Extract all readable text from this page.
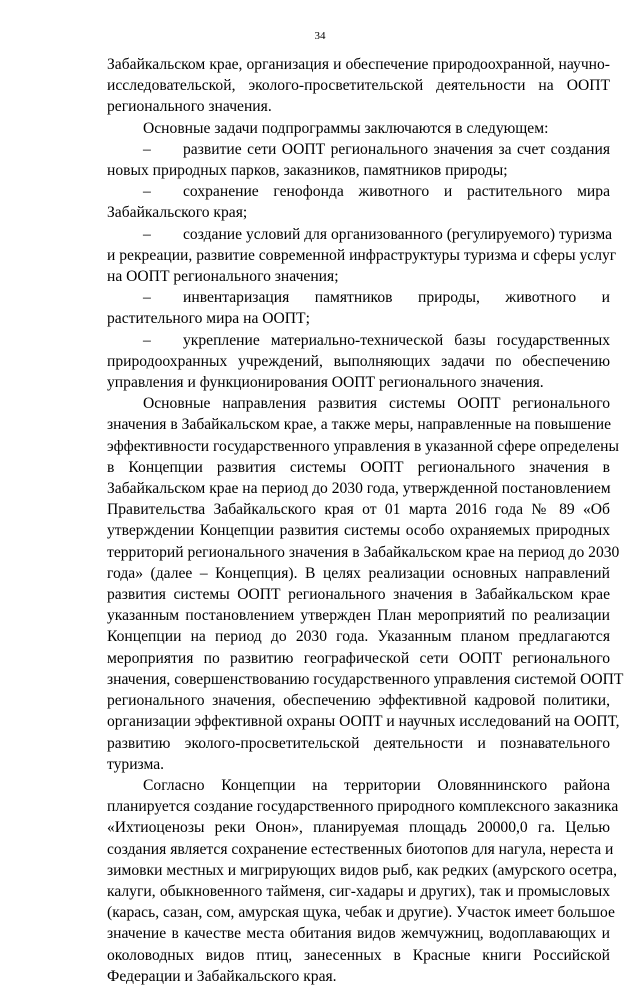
34
Забайкальском крае, организация и обеспечение природоохранной, научно-
исследовательской, эколого-просветительской деятельности на ООПТ
регионального значения.
Основные задачи подпрограммы заключаются в следующем:
– развитие сети ООПТ регионального значения за счет создания
новых природных парков, заказников, памятников природы;
– сохранение генофонда животного и растительного мира
Забайкальского края;
– создание условий для организованного (регулируемого) туризма
и рекреации, развитие современной инфраструктуры туризма и сферы услуг
на ООПТ регионального значения;
– инвентаризация памятников природы, животного и
растительного мира на ООПТ;
– укрепление материально-технической базы государственных
природоохранных учреждений, выполняющих задачи по обеспечению
управления и функционирования ООПТ регионального значения.
Основные направления развития системы ООПТ регионального
значения в Забайкальском крае, а также меры, направленные на повышение
эффективности государственного управления в указанной сфере определены
в Концепции развития системы ООПТ регионального значения в
Забайкальском крае на период до 2030 года, утвержденной постановлением
Правительства Забайкальского края от 01 марта 2016 года № 89 «Об
утверждении Концепции развития системы особо охраняемых природных
территорий регионального значения в Забайкальском крае на период до 2030
года» (далее – Концепция). В целях реализации основных направлений
развития системы ООПТ регионального значения в Забайкальском крае
указанным постановлением утвержден План мероприятий по реализации
Концепции на период до 2030 года. Указанным планом предлагаются
мероприятия по развитию географической сети ООПТ регионального
значения, совершенствованию государственного управления системой ООПТ
регионального значения, обеспечению эффективной кадровой политики,
организации эффективной охраны ООПТ и научных исследований на ООПТ,
развитию эколого-просветительской деятельности и познавательного
туризма.
Согласно Концепции на территории Оловяннинского района
планируется создание государственного природного комплексного заказника
«Ихтиоценозы реки Онон», планируемая площадь 20000,0 га. Целью
создания является сохранение естественных биотопов для нагула, нереста и
зимовки местных и мигрирующих видов рыб, как редких (амурского осетра,
калуги, обыкновенного тайменя, сиг-хадары и других), так и промысловых
(карась, сазан, сом, амурская щука, чебак и другие). Участок имеет большое
значение в качестве места обитания видов жемчужниц, водоплавающих и
околоводных видов птиц, занесенных в Красные книги Российской
Федерации и Забайкальского края.
